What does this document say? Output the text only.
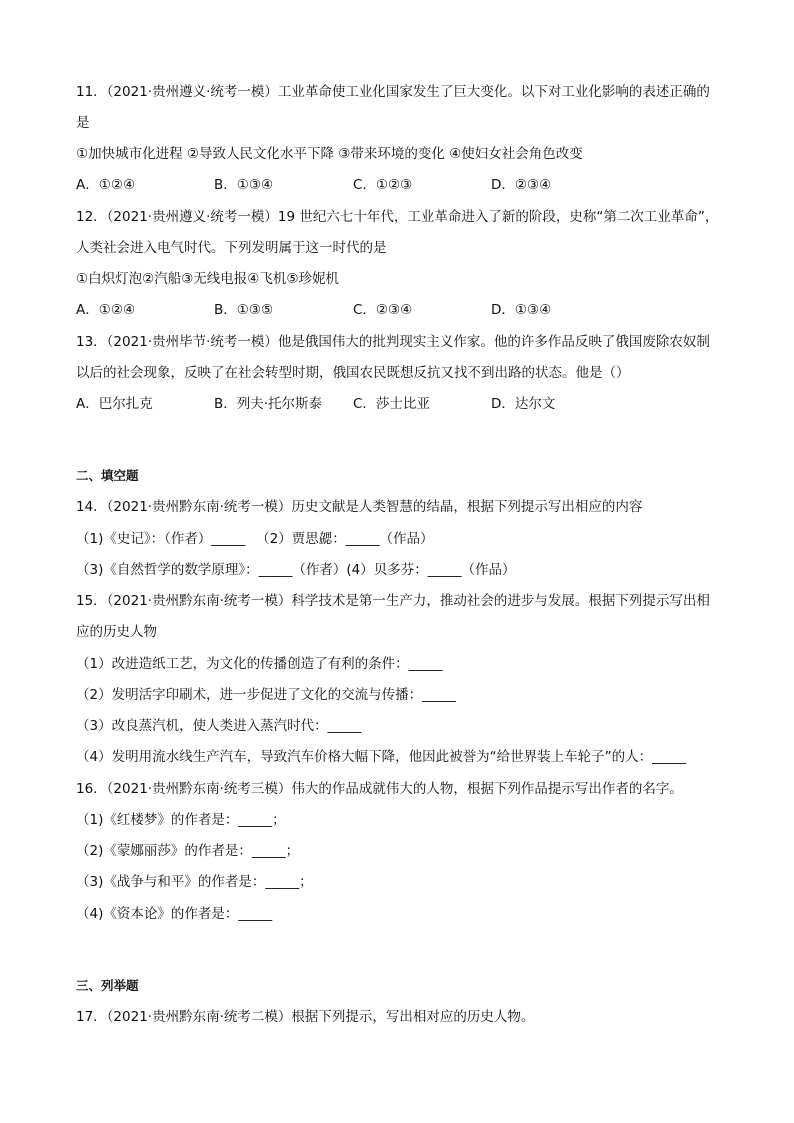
11．（2021·贵州遵义·统考一模）工业革命使工业化国家发生了巨大变化。以下对工业化影响的表述正确的
是
①加快城市化进程 ②导致人民文化水平下降 ③带来环境的变化 ④使妇女社会角色改变
A．①②④	B．①③④	C．①②③	D．②③④
12．（2021·贵州遵义·统考一模）19 世纪六七十年代，工业革命进入了新的阶段，史称“第二次工业革命”，
人类社会进入电气时代。下列发明属于这一时代的是
①白炽灯泡②汽船③无线电报④飞机⑤珍妮机
A．①②④	B．①③⑤	C．②③④	D．①③④
13．（2021·贵州毕节·统考一模）他是俄国伟大的批判现实主义作家。他的许多作品反映了俄国废除农奴制
以后的社会现象，反映了在社会转型时期，俄国农民既想反抗又找不到出路的状态。他是（）
A．巴尔扎克	B．列夫·托尔斯泰 C．莎士比亚	D．达尔文
二、填空题
14．（2021·贵州黔东南·统考一模）历史文献是人类智慧的结晶，根据下列提示写出相应的内容
（1)《史记》：（作者）_____ 　（2）贾思勰：_____（作品）
（3)《自然哲学的数学原理》：_____（作者）(4）贝多芬：_____（作品）
15．（2021·贵州黔东南·统考一模）科学技术是第一生产力，推动社会的进步与发展。根据下列提示写出相
应的历史人物
（1）改进造纸工艺，为文化的传播创造了有利的条件：_____
（2）发明活字印刷术，进一步促进了文化的交流与传播：_____
（3）改良蒸汽机，使人类进入蒸汽时代：_____
（4）发明用流水线生产汽车，导致汽车价格大幅下降，他因此被誉为“给世界装上车轮子”的人：_____
16．（2021·贵州黔东南·统考三模）伟大的作品成就伟大的人物，根据下列作品提示写出作者的名字。
（1)《红楼梦》的作者是：_____；
（2)《蒙娜丽莎》的作者是：_____；
（3)《战争与和平》的作者是：_____；
（4)《资本论》的作者是：_____
三、列举题
17．（2021·贵州黔东南·统考二模）根据下列提示，写出相对应的历史人物。
